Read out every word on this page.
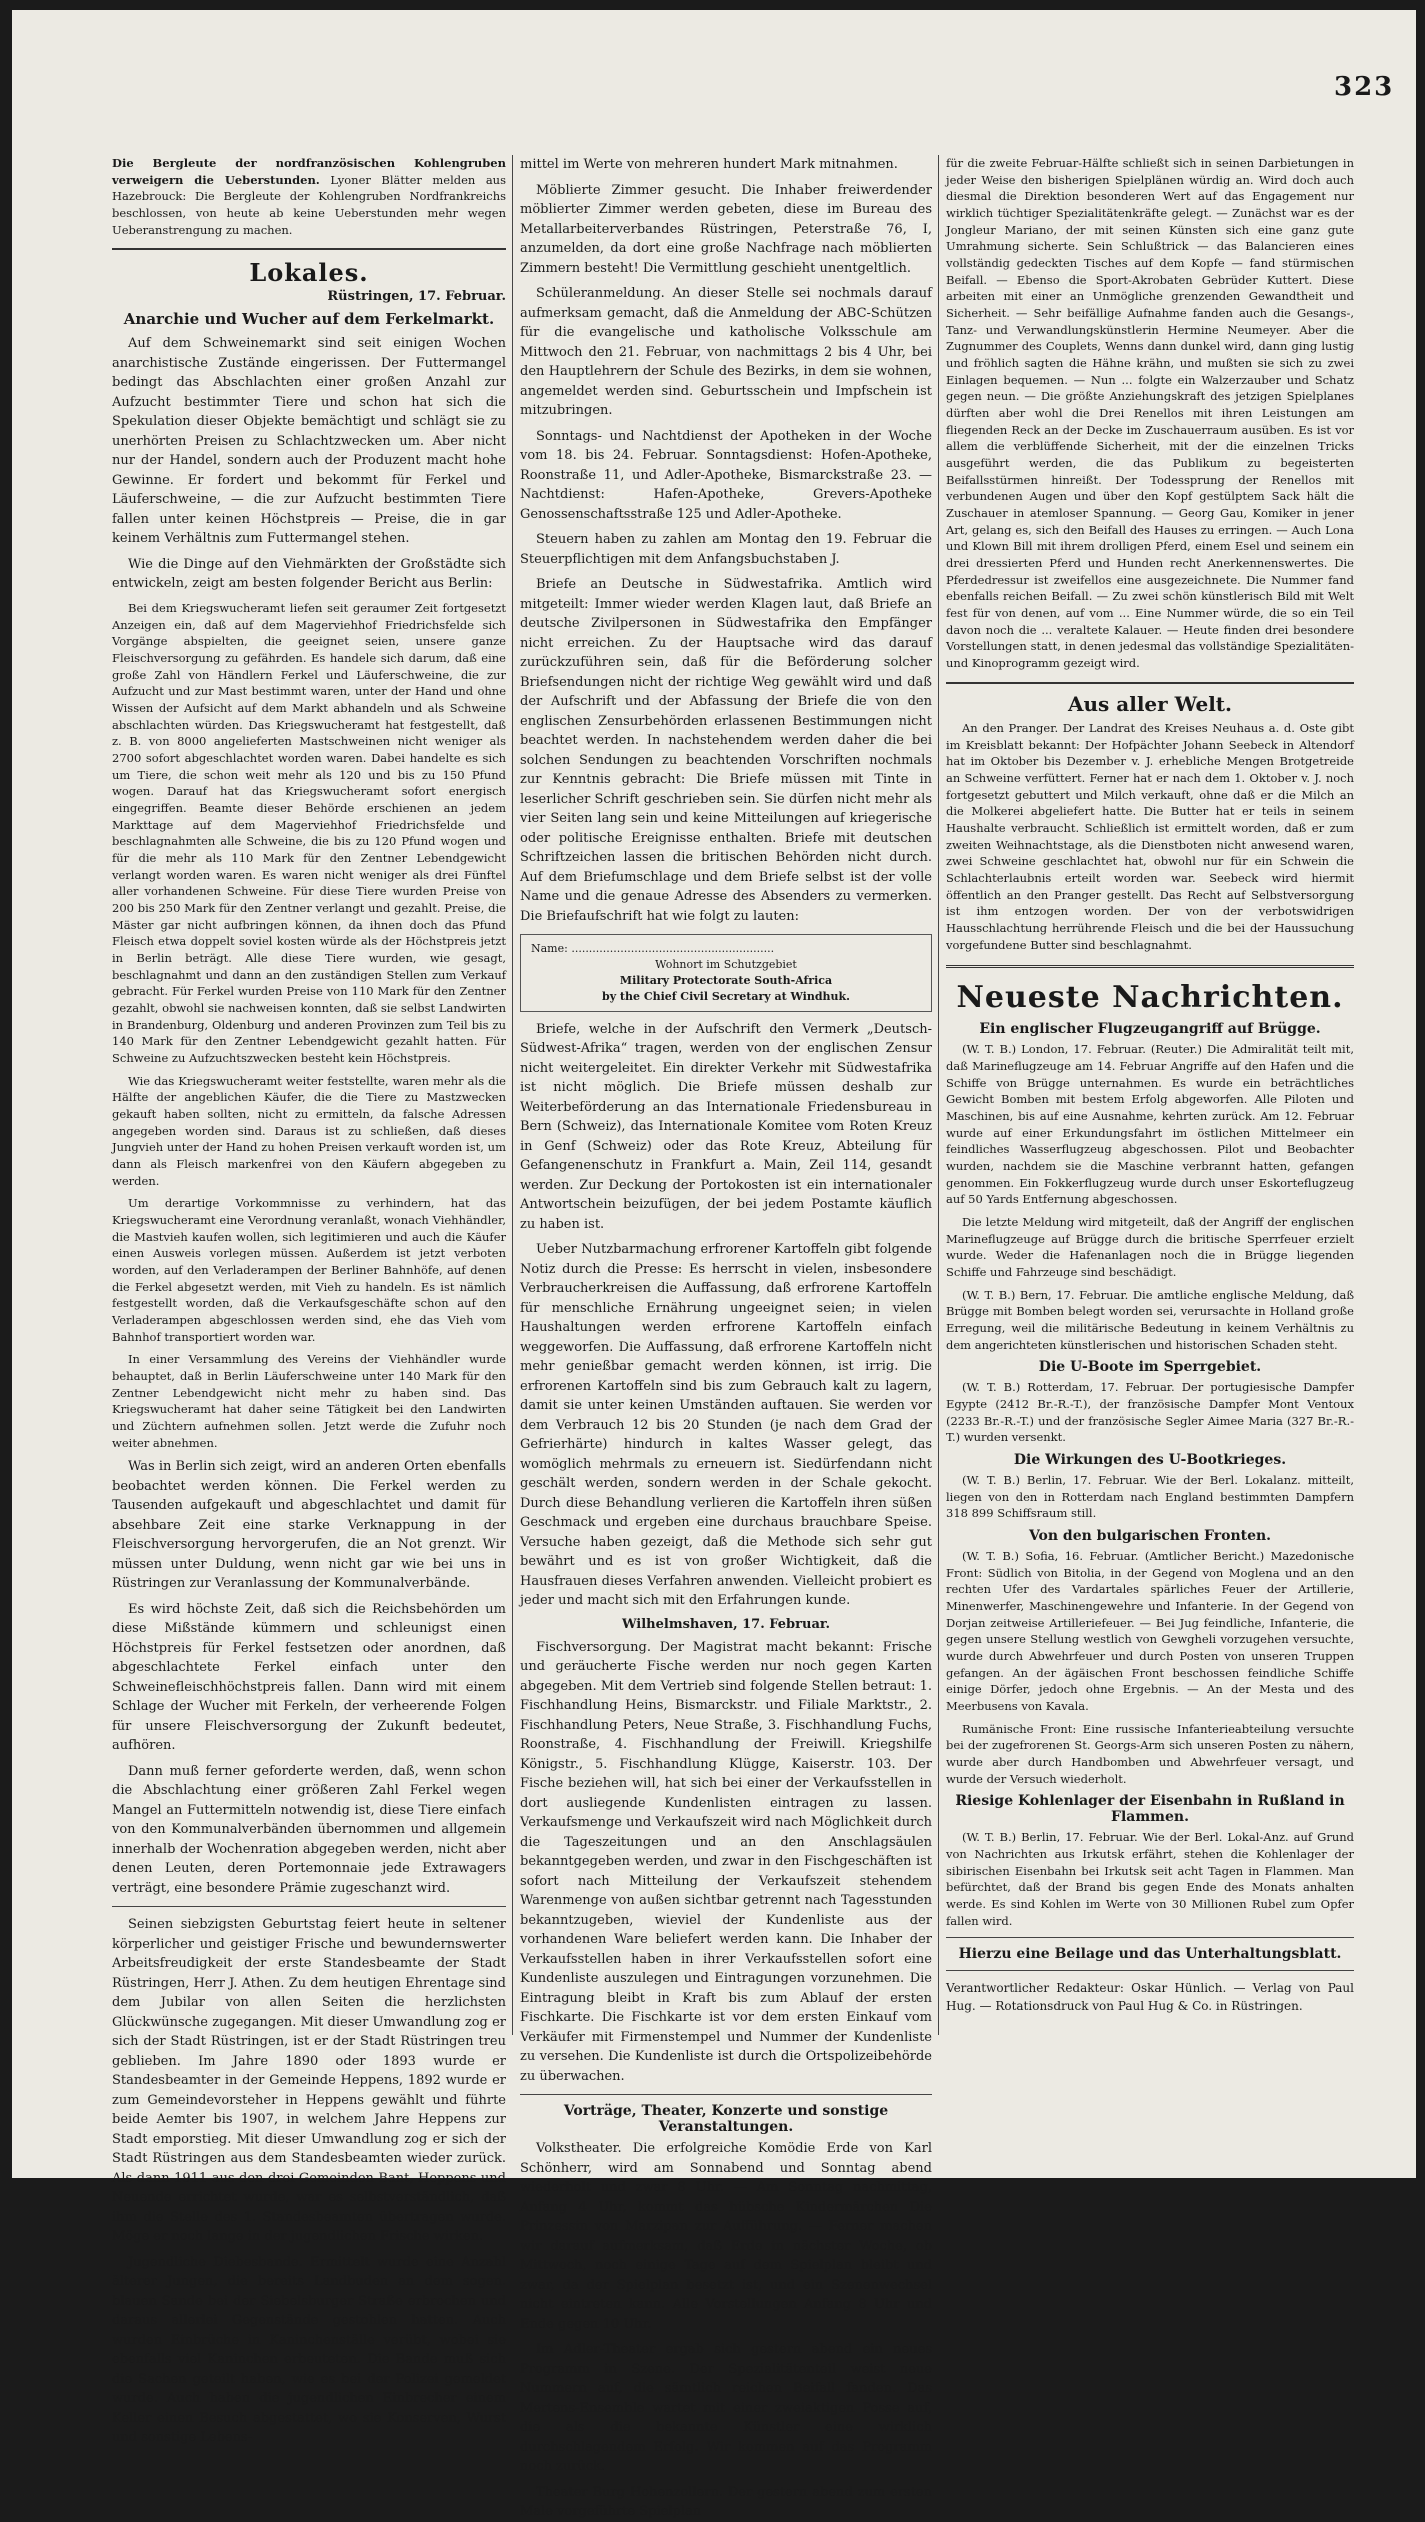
323

Die Bergleute der nordfranzösischen Kohlengruben verweigern die Ueberstunden. Lyoner Blätter melden aus Hazebrouck: Die Bergleute der Kohlengruben Nordfrankreichs beschlossen, von heute ab keine Ueberstunden mehr wegen Ueberanstrengung zu machen.

Lokales.
Rüstringen, 17. Februar.
Anarchie und Wucher auf dem Ferkelmarkt.

Auf dem Schweinemarkt sind seit einigen Wochen anarchistische Zustände eingerissen. Der Futtermangel bedingt das Abschlachten einer großen Anzahl zur Aufzucht bestimmter Tiere und schon hat sich die Spekulation dieser Objekte bemächtigt und schlägt sie zu unerhörten Preisen zu Schlachtzwecken um. Aber nicht nur der Handel, sondern auch der Produzent macht hohe Gewinne. Er fordert und bekommt für Ferkel und Läuferschweine, — die zur Aufzucht bestimmten Tiere fallen unter keinen Höchstpreis — Preise, die in gar keinem Verhältnis zum Futtermangel stehen.

Wie die Dinge auf den Viehmärkten der Großstädte sich entwickeln, zeigt am besten folgender Bericht aus Berlin:

Bei dem Kriegswucheramt liefen seit geraumer Zeit fortgesetzt Anzeigen ein, daß auf dem Magerviehhof Friedrichsfelde sich Vorgänge abspielten, die geeignet seien, unsere ganze Fleischversorgung zu gefährden. Es handele sich darum, daß eine große Zahl von Händlern Ferkel und Läuferschweine, die zur Aufzucht und zur Mast bestimmt waren, unter der Hand und ohne Wissen der Aufsicht auf dem Markt abhandeln und als Schweine abschlachten würden. Das Kriegswucheramt hat festgestellt, daß z. B. von 8000 angelieferten Mastschweinen nicht weniger als 2700 sofort abgeschlachtet worden waren. Dabei handelte es sich um Tiere, die schon weit mehr als 120 und bis zu 150 Pfund wogen. Darauf hat das Kriegswucheramt sofort energisch eingegriffen. Beamte dieser Behörde erschienen an jedem Markttage auf dem Magerviehhof Friedrichsfelde und beschlagnahmten alle Schweine, die bis zu 120 Pfund wogen und für die mehr als 110 Mark für den Zentner Lebendgewicht verlangt worden waren. Es waren nicht weniger als drei Fünftel aller vorhandenen Schweine. Für diese Tiere wurden Preise von 200 bis 250 Mark für den Zentner verlangt und gezahlt. Preise, die Mäster gar nicht aufbringen können, da ihnen doch das Pfund Fleisch etwa doppelt soviel kosten würde als der Höchstpreis jetzt in Berlin beträgt. Alle diese Tiere wurden, wie gesagt, beschlagnahmt und dann an den zuständigen Stellen zum Verkauf gebracht. Für Ferkel wurden Preise von 110 Mark für den Zentner gezahlt, obwohl sie nachweisen konnten, daß sie selbst Landwirten in Brandenburg, Oldenburg und anderen Provinzen zum Teil bis zu 140 Mark für den Zentner Lebendgewicht gezahlt hatten. Für Schweine zu Aufzuchtszwecken besteht kein Höchstpreis.

Wie das Kriegswucheramt weiter feststellte, waren mehr als die Hälfte der angeblichen Käufer, die die Tiere zu Mastzwecken gekauft haben sollten, nicht zu ermitteln, da falsche Adressen angegeben worden sind. Daraus ist zu schließen, daß dieses Jungvieh unter der Hand zu hohen Preisen verkauft worden ist, um dann als Fleisch markenfrei von den Käufern abgegeben zu werden.

Um derartige Vorkommnisse zu verhindern, hat das Kriegswucheramt eine Verordnung veranlaßt, wonach Viehhändler, die Mastvieh kaufen wollen, sich legitimieren und auch die Käufer einen Ausweis vorlegen müssen. Außerdem ist jetzt verboten worden, auf den Verladerampen der Berliner Bahnhöfe, auf denen die Ferkel abgesetzt werden, mit Vieh zu handeln. Es ist nämlich festgestellt worden, daß die Verkaufsgeschäfte schon auf den Verladerampen abgeschlossen werden sind, ehe das Vieh vom Bahnhof transportiert worden war.

In einer Versammlung des Vereins der Viehhändler wurde behauptet, daß in Berlin Läuferschweine unter 140 Mark für den Zentner Lebendgewicht nicht mehr zu haben sind. Das Kriegswucheramt hat daher seine Tätigkeit bei den Landwirten und Züchtern aufnehmen sollen. Jetzt werde die Zufuhr noch weiter abnehmen.

Was in Berlin sich zeigt, wird an anderen Orten ebenfalls beobachtet werden können. Die Ferkel werden zu Tausenden aufgekauft und abgeschlachtet und damit für absehbare Zeit eine starke Verknappung in der Fleischversorgung hervorgerufen, die an Not grenzt. Wir müssen unter Duldung, wenn nicht gar wie bei uns in Rüstringen zur Veranlassung der Kommunalverbände.

Es wird höchste Zeit, daß sich die Reichsbehörden um diese Mißstände kümmern und schleunigst einen Höchstpreis für Ferkel festsetzen oder anordnen, daß abgeschlachtete Ferkel einfach unter den Schweinefleischhöchstpreis fallen. Dann wird mit einem Schlage der Wucher mit Ferkeln, der verheerende Folgen für unsere Fleischversorgung der Zukunft bedeutet, aufhören.

Dann muß ferner geforderte werden, daß, wenn schon die Abschlachtung einer größeren Zahl Ferkel wegen Mangel an Futtermitteln notwendig ist, diese Tiere einfach von den Kommunalverbänden übernommen und allgemein innerhalb der Wochenration abgegeben werden, nicht aber denen Leuten, deren Portemonnaie jede Extrawagers verträgt, eine besondere Prämie zugeschanzt wird.

Seinen siebzigsten Geburtstag feiert heute in seltener körperlicher und geistiger Frische und bewundernswerter Arbeitsfreudigkeit der erste Standesbeamte der Stadt Rüstringen, Herr J. Athen. Zu dem heutigen Ehrentage sind dem Jubilar von allen Seiten die herzlichsten Glückwünsche zugegangen. Mit dieser Umwandlung zog er sich der Stadt Rüstringen, ist er der Stadt Rüstringen treu geblieben. Im Jahre 1890 oder 1893 wurde er Standesbeamter in der Gemeinde Heppens, 1892 wurde er zum Gemeindevorsteher in Heppens gewählt und führte beide Aemter bis 1907, in welchem Jahre Heppens zur Stadt emporstieg. Mit dieser Umwandlung zog er sich der Stadt Rüstringen aus dem Standesbeamten wieder zurück. Als dann 1911 aus den drei Gemeinden Bant, Heppens und Neuende errichtet wurde, war es selbstverständlich, daß ihm die Stelle des 1. Standesbeamten übertragen wurde. Möge er noch lange in der jugendlichen Frische wirken.

Jugendliche Diebesbande. Ermittelt wurde eine Anzahl älterer Jungen, die bereits Landbuden an dem sogen. blauen Sande bei der Siebelsburger Straße erbrochen und daraus allerlei Gegenstände gestohlen hatten. Auch wurden Einbrüche in Kaninchenställe verübt, wobei sie ebenfalls viel Kaninchen erbeuteten. Die Bande muß sich die Sachen geteilt haben, wie es bei der Polizei gemeldet wurde. Auch haben die jugendlichen Einbrecher einem Keller einen Besuch abgestattet, wo sie Konserven, Wurst und sonstige Lebens-

mittel im Werte von mehreren hundert Mark mitnahmen.

Möblierte Zimmer gesucht. Die Inhaber freiwerdender möblierter Zimmer werden gebeten, diese im Bureau des Metallarbeiterverbandes Rüstringen, Peterstraße 76, I, anzumelden, da dort eine große Nachfrage nach möblierten Zimmern besteht! Die Vermittlung geschieht unentgeltlich.

Schüleranmeldung. An dieser Stelle sei nochmals darauf aufmerksam gemacht, daß die Anmeldung der ABC-Schützen für die evangelische und katholische Volksschule am Mittwoch den 21. Februar, von nachmittags 2 bis 4 Uhr, bei den Hauptlehrern der Schule des Bezirks, in dem sie wohnen, angemeldet werden sind. Geburtsschein und Impfschein ist mitzubringen.

Sonntags- und Nachtdienst der Apotheken in der Woche vom 18. bis 24. Februar. Sonntagsdienst: Hofen-Apotheke, Roonstraße 11, und Adler-Apotheke, Bismarckstraße 23. — Nachtdienst: Hafen-Apotheke, Grevers-Apotheke Genossenschaftsstraße 125 und Adler-Apotheke.

Steuern haben zu zahlen am Montag den 19. Februar die Steuerpflichtigen mit dem Anfangsbuchstaben J.

Briefe an Deutsche in Südwestafrika. Amtlich wird mitgeteilt: Immer wieder werden Klagen laut, daß Briefe an deutsche Zivilpersonen in Südwestafrika den Empfänger nicht erreichen. Zu der Hauptsache wird das darauf zurückzuführen sein, daß für die Beförderung solcher Briefsendungen nicht der richtige Weg gewählt wird und daß der Aufschrift und der Abfassung der Briefe die von den englischen Zensurbehörden erlassenen Bestimmungen nicht beachtet werden. In nachstehendem werden daher die bei solchen Sendungen zu beachtenden Vorschriften nochmals zur Kenntnis gebracht: Die Briefe müssen mit Tinte in leserlicher Schrift geschrieben sein. Sie dürfen nicht mehr als vier Seiten lang sein und keine Mitteilungen auf kriegerische oder politische Ereignisse enthalten. Briefe mit deutschen Schriftzeichen lassen die britischen Behörden nicht durch. Auf dem Briefumschlage und dem Briefe selbst ist der volle Name und die genaue Adresse des Absenders zu vermerken. Die Briefaufschrift hat wie folgt zu lauten:

Name: ..........................................................
Wohnort im Schutzgebiet
Military Protectorate South-Africa
by the Chief Civil Secretary at Windhuk.

Briefe, welche in der Aufschrift den Vermerk „Deutsch-Südwest-Afrika“ tragen, werden von der englischen Zensur nicht weitergeleitet. Ein direkter Verkehr mit Südwestafrika ist nicht möglich. Die Briefe müssen deshalb zur Weiterbeförderung an das Internationale Friedensbureau in Bern (Schweiz), das Internationale Komitee vom Roten Kreuz in Genf (Schweiz) oder das Rote Kreuz, Abteilung für Gefangenenschutz in Frankfurt a. Main, Zeil 114, gesandt werden. Zur Deckung der Portokosten ist ein internationaler Antwortschein beizufügen, der bei jedem Postamte käuflich zu haben ist.

Ueber Nutzbarmachung erfrorener Kartoffeln gibt folgende Notiz durch die Presse: Es herrscht in vielen, insbesondere Verbraucherkreisen die Auffassung, daß erfrorene Kartoffeln für menschliche Ernährung ungeeignet seien; in vielen Haushaltungen werden erfrorene Kartoffeln einfach weggeworfen. Die Auffassung, daß erfrorene Kartoffeln nicht mehr genießbar gemacht werden können, ist irrig. Die erfrorenen Kartoffeln sind bis zum Gebrauch kalt zu lagern, damit sie unter keinen Umständen auftauen. Sie werden vor dem Verbrauch 12 bis 20 Stunden (je nach dem Grad der Gefrierhärte) hindurch in kaltes Wasser gelegt, das womöglich mehrmals zu erneuern ist. Siedürfendann nicht geschält werden, sondern werden in der Schale gekocht. Durch diese Behandlung verlieren die Kartoffeln ihren süßen Geschmack und ergeben eine durchaus brauchbare Speise. Versuche haben gezeigt, daß die Methode sich sehr gut bewährt und es ist von großer Wichtigkeit, daß die Hausfrauen dieses Verfahren anwenden. Vielleicht probiert es jeder und macht sich mit den Erfahrungen kunde.

Wilhelmshaven, 17. Februar.

Fischversorgung. Der Magistrat macht bekannt: Frische und geräucherte Fische werden nur noch gegen Karten abgegeben. Mit dem Vertrieb sind folgende Stellen betraut: 1. Fischhandlung Heins, Bismarckstr. und Filiale Marktstr., 2. Fischhandlung Peters, Neue Straße, 3. Fischhandlung Fuchs, Roonstraße, 4. Fischhandlung der Freiwill. Kriegshilfe Königstr., 5. Fischhandlung Klügge, Kaiserstr. 103. Der Fische beziehen will, hat sich bei einer der Verkaufsstellen in dort ausliegende Kundenlisten eintragen zu lassen. Verkaufsmenge und Verkaufszeit wird nach Möglichkeit durch die Tageszeitungen und an den Anschlagsäulen bekanntgegeben werden, und zwar in den Fischgeschäften ist sofort nach Mitteilung der Verkaufszeit stehendem Warenmenge von außen sichtbar getrennt nach Tagesstunden bekanntzugeben, wieviel der Kundenliste aus der vorhandenen Ware beliefert werden kann. Die Inhaber der Verkaufsstellen haben in ihrer Verkaufsstellen sofort eine Kundenliste auszulegen und Eintragungen vorzunehmen. Die Eintragung bleibt in Kraft bis zum Ablauf der ersten Fischkarte. Die Fischkarte ist vor dem ersten Einkauf vom Verkäufer mit Firmenstempel und Nummer der Kundenliste zu versehen. Die Kundenliste ist durch die Ortspolizeibehörde zu überwachen.

Vorträge, Theater, Konzerte und sonstige Veranstaltungen.

Volkstheater. Die erfolgreiche Komödie Erde von Karl Schönherr, wird am Sonnabend und Sonntag abend wiederholt und zwar 8 Uhr. — Am Sonntag nachmittag, Anfang 4 Uhr, kommt das hübsche Kindermärchen Die Prinzessin von Marzipan zur Aufführung. — Ferner machen wir darauf aufmerksam, daß Erde in nächster Woche, ob Mittwoch, noch einige Tage auf dem Spielplan bleibt und zwar, da der Spielplan besetzt ist, und ein Szenenwechsel nicht eintreten kann. Alle Vorstellungen Anfang 8 Uhr und Ende gegen 10 Uhr.

Im Adler-Theater ergab sich gestern abend ein neues Programm in Szene. Der Spezialitätenteil weist neue Nummern auf, die sämtlich reichen Beifall fanden. Das Mertens-Ensemble wartet mit einer zweiaktigen Posse auf, die als die bekannte Künstler eine wirklich durchschlagendem Erfolg. Wir kommen auf das Programm noch zurück.

Theater Burg Hohenzollern. Der gestern abend zum ersten Male vorgeführte Spielplan

für die zweite Februar-Hälfte schließt sich in seinen Darbietungen in jeder Weise den bisherigen Spielplänen würdig an. Wird doch auch diesmal die Direktion besonderen Wert auf das Engagement nur wirklich tüchtiger Spezialitätenkräfte gelegt. — Zunächst war es der Jongleur Mariano, der mit seinen Künsten sich eine ganz gute Umrahmung sicherte. Sein Schlußtrick — das Balancieren eines vollständig gedeckten Tisches auf dem Kopfe — fand stürmischen Beifall. — Ebenso die Sport-Akrobaten Gebrüder Kuttert. Diese arbeiten mit einer an Unmögliche grenzenden Gewandtheit und Sicherheit. — Sehr beifällige Aufnahme fanden auch die Gesangs-, Tanz- und Verwandlungskünstlerin Hermine Neumeyer. Aber die Zugnummer des Couplets, Wenns dann dunkel wird, dann ging lustig und fröhlich sagten die Hähne krähn, und mußten sie sich zu zwei Einlagen bequemen. — Nun ... folgte ein Walzerzauber und Schatz gegen neun. — Die größte Anziehungskraft des jetzigen Spielplanes dürften aber wohl die Drei Renellos mit ihren Leistungen am fliegenden Reck an der Decke im Zuschauerraum ausüben. Es ist vor allem die verblüffende Sicherheit, mit der die einzelnen Tricks ausgeführt werden, die das Publikum zu begeisterten Beifallsstürmen hinreißt. Der Todessprung der Renellos mit verbundenen Augen und über den Kopf gestülptem Sack hält die Zuschauer in atemloser Spannung. — Georg Gau, Komiker in jener Art, gelang es, sich den Beifall des Hauses zu erringen. — Auch Lona und Klown Bill mit ihrem drolligen Pferd, einem Esel und seinem ein drei dressierten Pferd und Hunden recht Anerkennenswertes. Die Pferdedressur ist zweifellos eine ausgezeichnete. Die Nummer fand ebenfalls reichen Beifall. — Zu zwei schön künstlerisch Bild mit Welt fest für von denen, auf vom ... Eine Nummer würde, die so ein Teil davon noch die ... veraltete Kalauer. — Heute finden drei besondere Vorstellungen statt, in denen jedesmal das vollständige Spezialitäten- und Kinoprogramm gezeigt wird.

Aus aller Welt.

An den Pranger. Der Landrat des Kreises Neuhaus a. d. Oste gibt im Kreisblatt bekannt: Der Hofpächter Johann Seebeck in Altendorf hat im Oktober bis Dezember v. J. erhebliche Mengen Brotgetreide an Schweine verfüttert. Ferner hat er nach dem 1. Oktober v. J. noch fortgesetzt gebuttert und Milch verkauft, ohne daß er die Milch an die Molkerei abgeliefert hatte. Die Butter hat er teils in seinem Haushalte verbraucht. Schließlich ist ermittelt worden, daß er zum zweiten Weihnachtstage, als die Dienstboten nicht anwesend waren, zwei Schweine geschlachtet hat, obwohl nur für ein Schwein die Schlachterlaubnis erteilt worden war. Seebeck wird hiermit öffentlich an den Pranger gestellt. Das Recht auf Selbstversorgung ist ihm entzogen worden. Der von der verbotswidrigen Hausschlachtung herrührende Fleisch und die bei der Haussuchung vorgefundene Butter sind beschlagnahmt.

Neueste Nachrichten.
Ein englischer Flugzeugangriff auf Brügge.

(W. T. B.) London, 17. Februar. (Reuter.) Die Admiralität teilt mit, daß Marineflugzeuge am 14. Februar Angriffe auf den Hafen und die Schiffe von Brügge unternahmen. Es wurde ein beträchtliches Gewicht Bomben mit bestem Erfolg abgeworfen. Alle Piloten und Maschinen, bis auf eine Ausnahme, kehrten zurück. Am 12. Februar wurde auf einer Erkundungsfahrt im östlichen Mittelmeer ein feindliches Wasserflugzeug abgeschossen. Pilot und Beobachter wurden, nachdem sie die Maschine verbrannt hatten, gefangen genommen. Ein Fokkerflugzeug wurde durch unser Eskorteflugzeug auf 50 Yards Entfernung abgeschossen.

Die letzte Meldung wird mitgeteilt, daß der Angriff der englischen Marineflugzeuge auf Brügge durch die britische Sperrfeuer erzielt wurde. Weder die Hafenanlagen noch die in Brügge liegenden Schiffe und Fahrzeuge sind beschädigt.

(W. T. B.) Bern, 17. Februar. Die amtliche englische Meldung, daß Brügge mit Bomben belegt worden sei, verursachte in Holland große Erregung, weil die militärische Bedeutung in keinem Verhältnis zu dem angerichteten künstlerischen und historischen Schaden steht.

Die U-Boote im Sperrgebiet.

(W. T. B.) Rotterdam, 17. Februar. Der portugiesische Dampfer Egypte (2412 Br.-R.-T.), der französische Dampfer Mont Ventoux (2233 Br.-R.-T.) und der französische Segler Aimee Maria (327 Br.-R.-T.) wurden versenkt.

Die Wirkungen des U-Bootkrieges.

(W. T. B.) Berlin, 17. Februar. Wie der Berl. Lokalanz. mitteilt, liegen von den in Rotterdam nach England bestimmten Dampfern 318 899 Schiffsraum still.

Von den bulgarischen Fronten.

(W. T. B.) Sofia, 16. Februar. (Amtlicher Bericht.) Mazedonische Front: Südlich von Bitolia, in der Gegend von Moglena und an den rechten Ufer des Vardartales spärliches Feuer der Artillerie, Minenwerfer, Maschinengewehre und Infanterie. In der Gegend von Dorjan zeitweise Artilleriefeuer. — Bei Jug feindliche, Infanterie, die gegen unsere Stellung westlich von Gewgheli vorzugehen versuchte, wurde durch Abwehrfeuer und durch Posten von unseren Truppen gefangen. An der ägäischen Front beschossen feindliche Schiffe einige Dörfer, jedoch ohne Ergebnis. — An der Mesta und des Meerbusens von Kavala.

Rumänische Front: Eine russische Infanterieabteilung versuchte bei der zugefrorenen St. Georgs-Arm sich unseren Posten zu nähern, wurde aber durch Handbomben und Abwehrfeuer versagt, und wurde der Versuch wiederholt.

Riesige Kohlenlager der Eisenbahn in Rußland in Flammen.

(W. T. B.) Berlin, 17. Februar. Wie der Berl. Lokal-Anz. auf Grund von Nachrichten aus Irkutsk erfährt, stehen die Kohlenlager der sibirischen Eisenbahn bei Irkutsk seit acht Tagen in Flammen. Man befürchtet, daß der Brand bis gegen Ende des Monats anhalten werde. Es sind Kohlen im Werte von 30 Millionen Rubel zum Opfer fallen wird.

Hierzu eine Beilage und das Unterhaltungsblatt.
Verantwortlicher Redakteur: Oskar Hünlich. — Verlag von Paul Hug. — Rotationsdruck von Paul Hug & Co. in Rüstringen.
